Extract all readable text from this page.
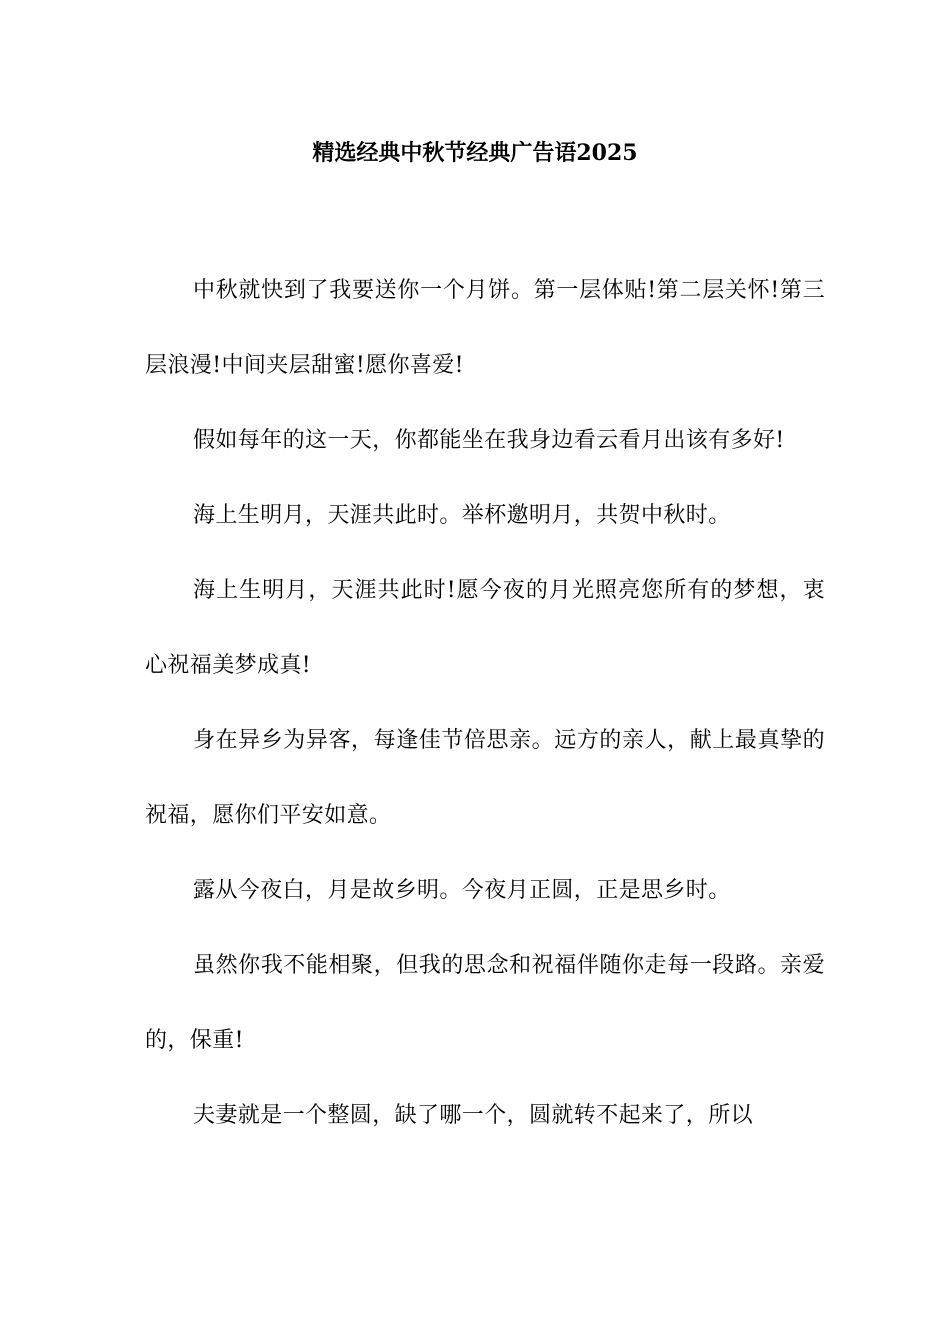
精选经典中秋节经典广告语2025

中秋就快到了我要送你一个月饼。第一层体贴!第二层关怀!第三层浪漫!中间夹层甜蜜!愿你喜爱!

假如每年的这一天，你都能坐在我身边看云看月出该有多好!

海上生明月，天涯共此时。举杯邀明月，共贺中秋时。

海上生明月，天涯共此时!愿今夜的月光照亮您所有的梦想，衷心祝福美梦成真!

身在异乡为异客，每逢佳节倍思亲。远方的亲人，献上最真挚的祝福，愿你们平安如意。

露从今夜白，月是故乡明。今夜月正圆，正是思乡时。

虽然你我不能相聚，但我的思念和祝福伴随你走每一段路。亲爱的，保重!

夫妻就是一个整圆，缺了哪一个，圆就转不起来了，所以
